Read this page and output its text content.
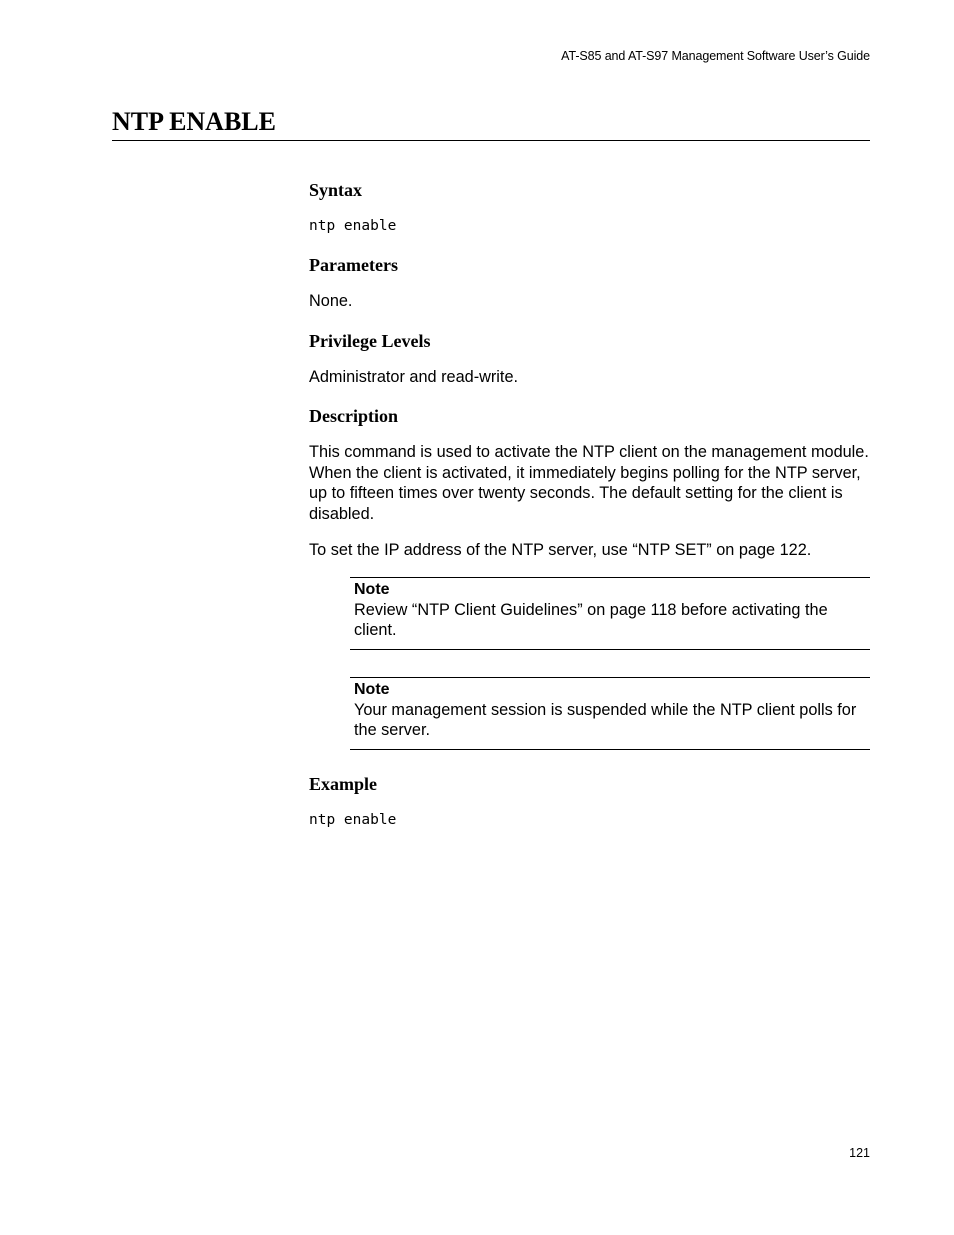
AT-S85 and AT-S97 Management Software User’s Guide
NTP ENABLE
Syntax
ntp enable
Parameters

None.

Privilege Levels

Administrator and read-write.

Description

This command is used to activate the NTP client on the management module. When the client is activated, it immediately begins polling for the NTP server, up to fifteen times over twenty seconds. The default setting for the client is disabled.

To set the IP address of the NTP server, use “NTP SET” on page 122.

Note
Review “NTP Client Guidelines” on page 118 before activating the client.
Note
Your management session is suspended while the NTP client polls for the server.
Example
ntp enable
121
